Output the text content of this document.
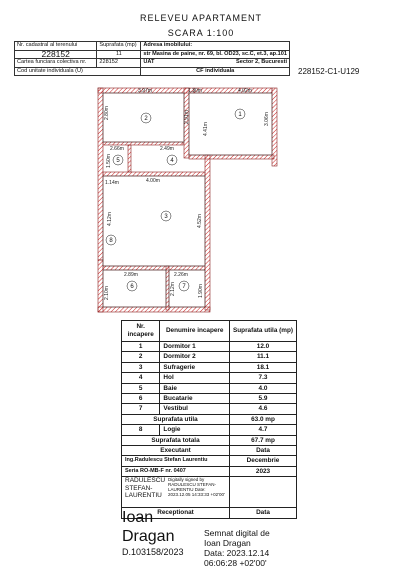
RELEVEU APARTAMENT
SCARA 1:100
Nr. cadastral al terenului	Suprafata (mp)	Adresa imobilului:
228152	11	str Masina de paine, nr. 69, bl. OD23, sc.C, et.3, ap.101
Cartea funciara colectiva nr.	228152	UAT Sector 2, Bucuresti

Cod unitate individuala (U)		CF individuala	228152-C1-U129
3.97m	1.30m	4.02m
2.80m	2.91m
4.41m
3.06m
2.66m	2.49m
1.50m
1.14m	4.00m
4.52m
4.12m
2.89m	2.26m
2.10m	2.12m	1.90m
2
1
5	4
3
8
6	7
Nr. incapere	Denumire incapere	Suprafata utila (mp)
1	Dormitor 1	12.0
2	Dormitor 2	11.1
3	Sufragerie	18.1
4	Hol	7.3
5	Baie	4.0
6	Bucatarie	5.9
7	Vestibul	4.6
Suprafata utila		63.0 mp
8	Logie	4.7
Suprafata totala		67.7 mp
Executant		Data
Ing.Radulescu Stefan Laurentiu		Decembrie
Seria RO-MB-F nr. 0407		2023

RADULESCU STEFAN-LAURENTIU
Digitally signed by RADULESCU STEFAN-LAURENTIU Date: 2023.12.05 14:33:33 +02'00'		

Receptionat		Data
Ioan
Dragan
D.103158/2023
Semnat digital de
Ioan Dragan
Data: 2023.12.14
06:06:28 +02'00'
